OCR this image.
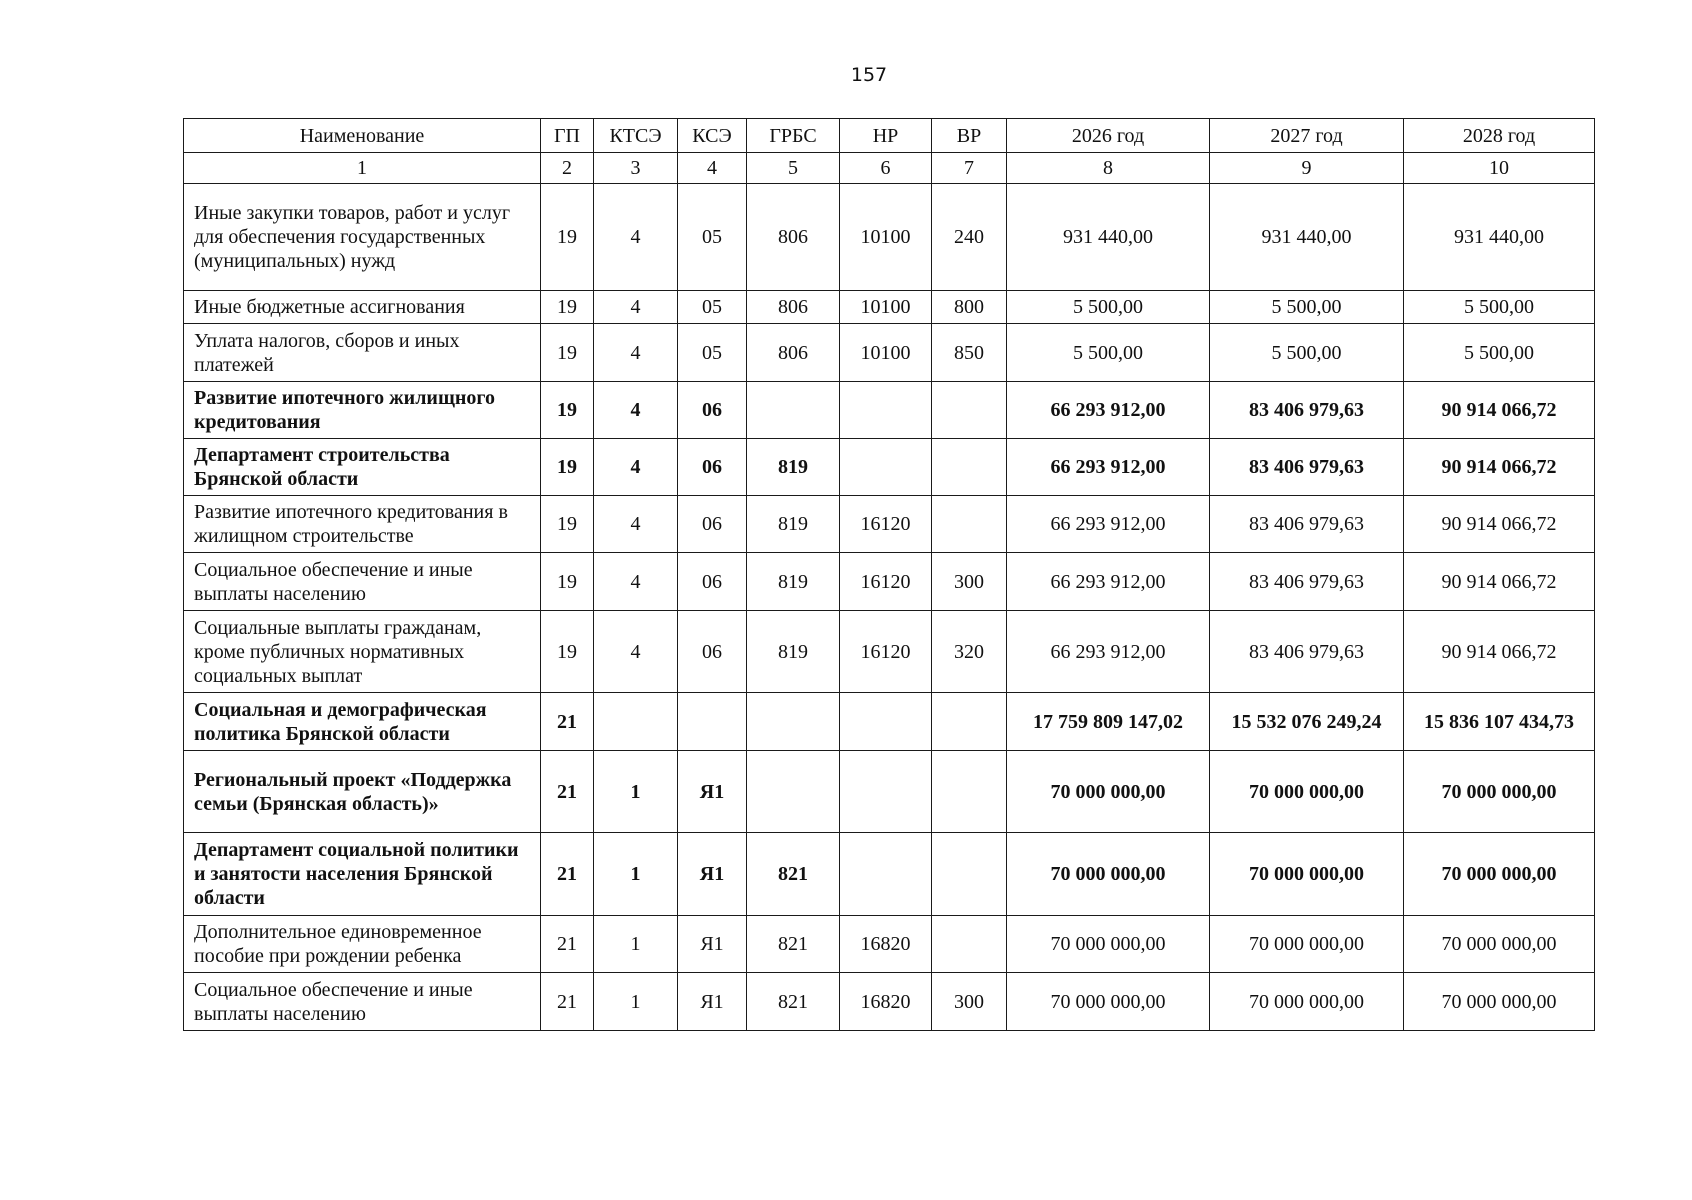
157
Наименование	ГП	КТСЭ	КСЭ	ГРБС	НР	ВР	2026 год	2027 год	2028 год
1	2	3	4	5	6	7	8	9	10
Иные закупки товаров, работ и услуг для обеспечения государственных (муниципальных) нужд	19	4	05	806	10100	240	931 440,00	931 440,00	931 440,00
Иные бюджетные ассигнования	19	4	05	806	10100	800	5 500,00	5 500,00	5 500,00
Уплата налогов, сборов и иных платежей	19	4	05	806	10100	850	5 500,00	5 500,00	5 500,00
Развитие ипотечного жилищного кредитования	19	4	06				66 293 912,00	83 406 979,63	90 914 066,72
Департамент строительства Брянской области	19	4	06	819			66 293 912,00	83 406 979,63	90 914 066,72
Развитие ипотечного кредитования в жилищном строительстве	19	4	06	819	16120		66 293 912,00	83 406 979,63	90 914 066,72
Социальное обеспечение и иные выплаты населению	19	4	06	819	16120	300	66 293 912,00	83 406 979,63	90 914 066,72
Социальные выплаты гражданам, кроме публичных нормативных социальных выплат	19	4	06	819	16120	320	66 293 912,00	83 406 979,63	90 914 066,72
Социальная и демографическая политика Брянской области	21						17 759 809 147,02	15 532 076 249,24	15 836 107 434,73
Региональный проект «Поддержка семьи (Брянская область)»	21	1	Я1				70 000 000,00	70 000 000,00	70 000 000,00
Департамент социальной политики и занятости населения Брянской области	21	1	Я1	821			70 000 000,00	70 000 000,00	70 000 000,00
Дополнительное единовременное пособие при рождении ребенка	21	1	Я1	821	16820		70 000 000,00	70 000 000,00	70 000 000,00
Социальное обеспечение и иные выплаты населению	21	1	Я1	821	16820	300	70 000 000,00	70 000 000,00	70 000 000,00
